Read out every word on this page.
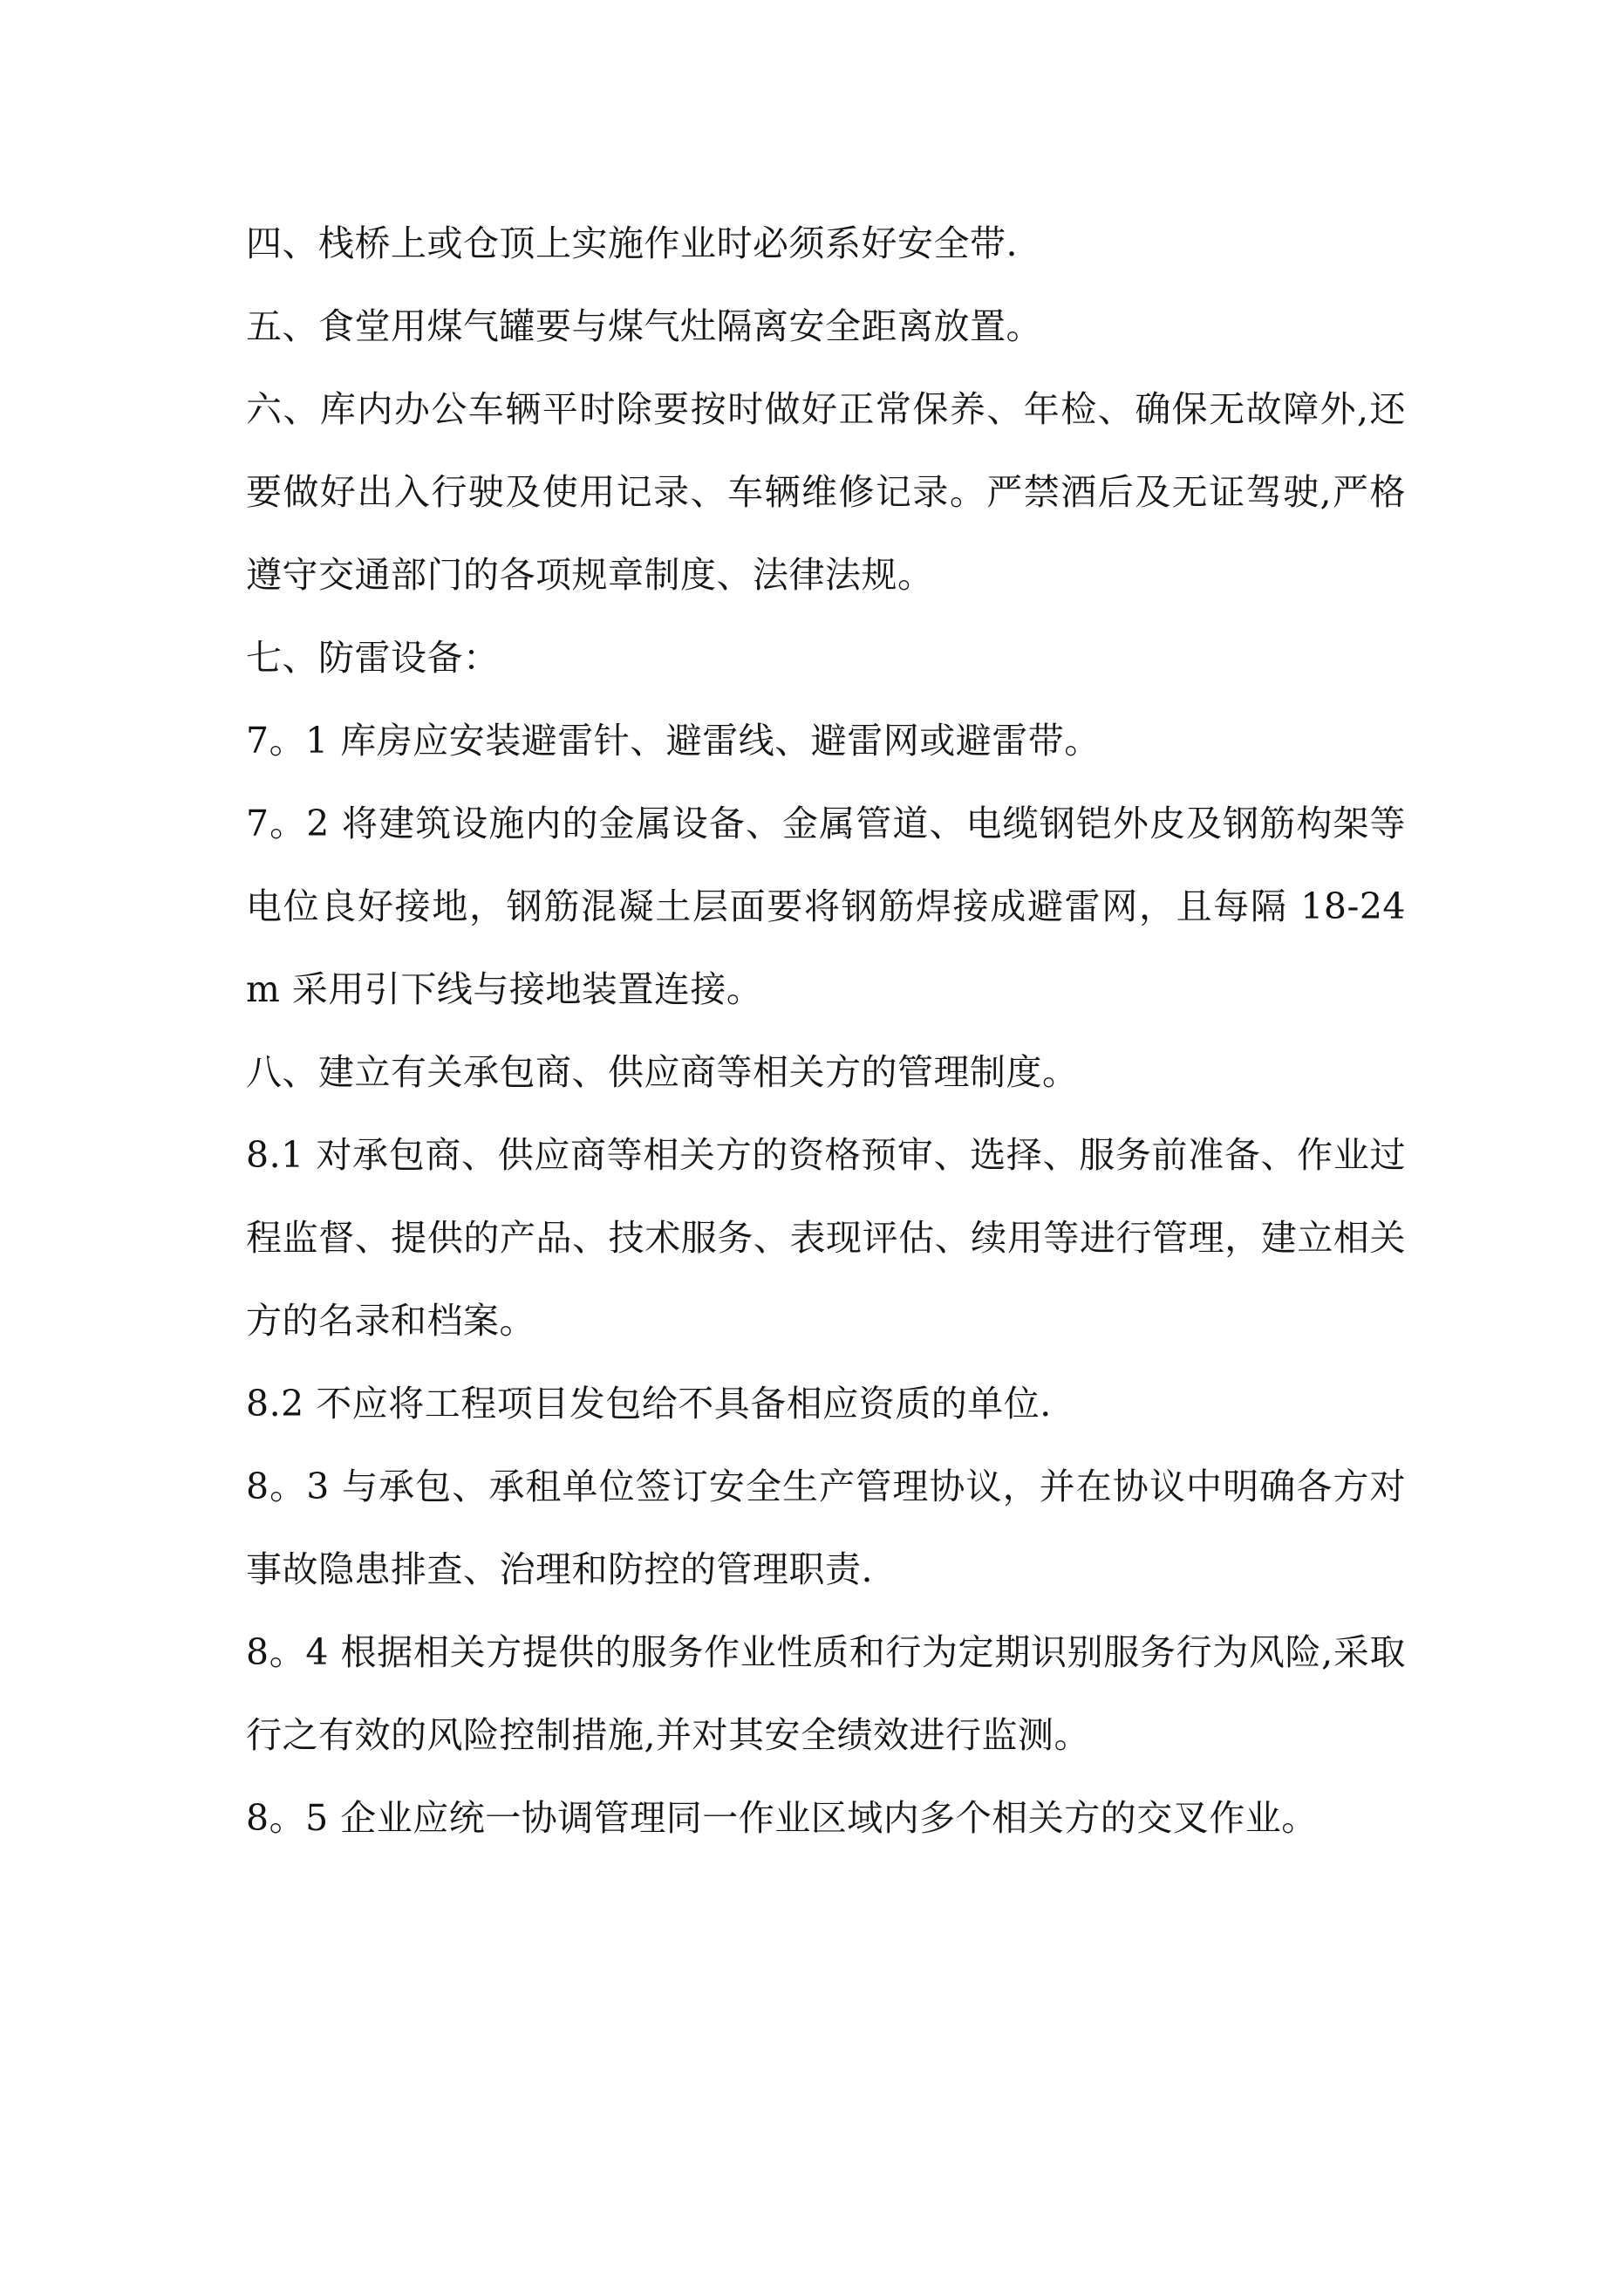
四、栈桥上或仓顶上实施作业时必须系好安全带.

五、食堂用煤气罐要与煤气灶隔离安全距离放置。

六、库内办公车辆平时除要按时做好正常保养、年检、确保无故障外,还要做好出入行驶及使用记录、车辆维修记录。严禁酒后及无证驾驶,严格遵守交通部门的各项规章制度、法律法规。

七、防雷设备：

7。1 库房应安装避雷针、避雷线、避雷网或避雷带。

7。2 将建筑设施内的金属设备、金属管道、电缆钢铠外皮及钢筋构架等电位良好接地，钢筋混凝土层面要将钢筋焊接成避雷网，且每隔 18-24m 采用引下线与接地装置连接。

八、建立有关承包商、供应商等相关方的管理制度。

8.1 对承包商、供应商等相关方的资格预审、选择、服务前准备、作业过程监督、提供的产品、技术服务、表现评估、续用等进行管理，建立相关方的名录和档案。

8.2 不应将工程项目发包给不具备相应资质的单位.

8。3 与承包、承租单位签订安全生产管理协议，并在协议中明确各方对事故隐患排查、治理和防控的管理职责.

8。4 根据相关方提供的服务作业性质和行为定期识别服务行为风险,采取行之有效的风险控制措施,并对其安全绩效进行监测。

8。5 企业应统一协调管理同一作业区域内多个相关方的交叉作业。
